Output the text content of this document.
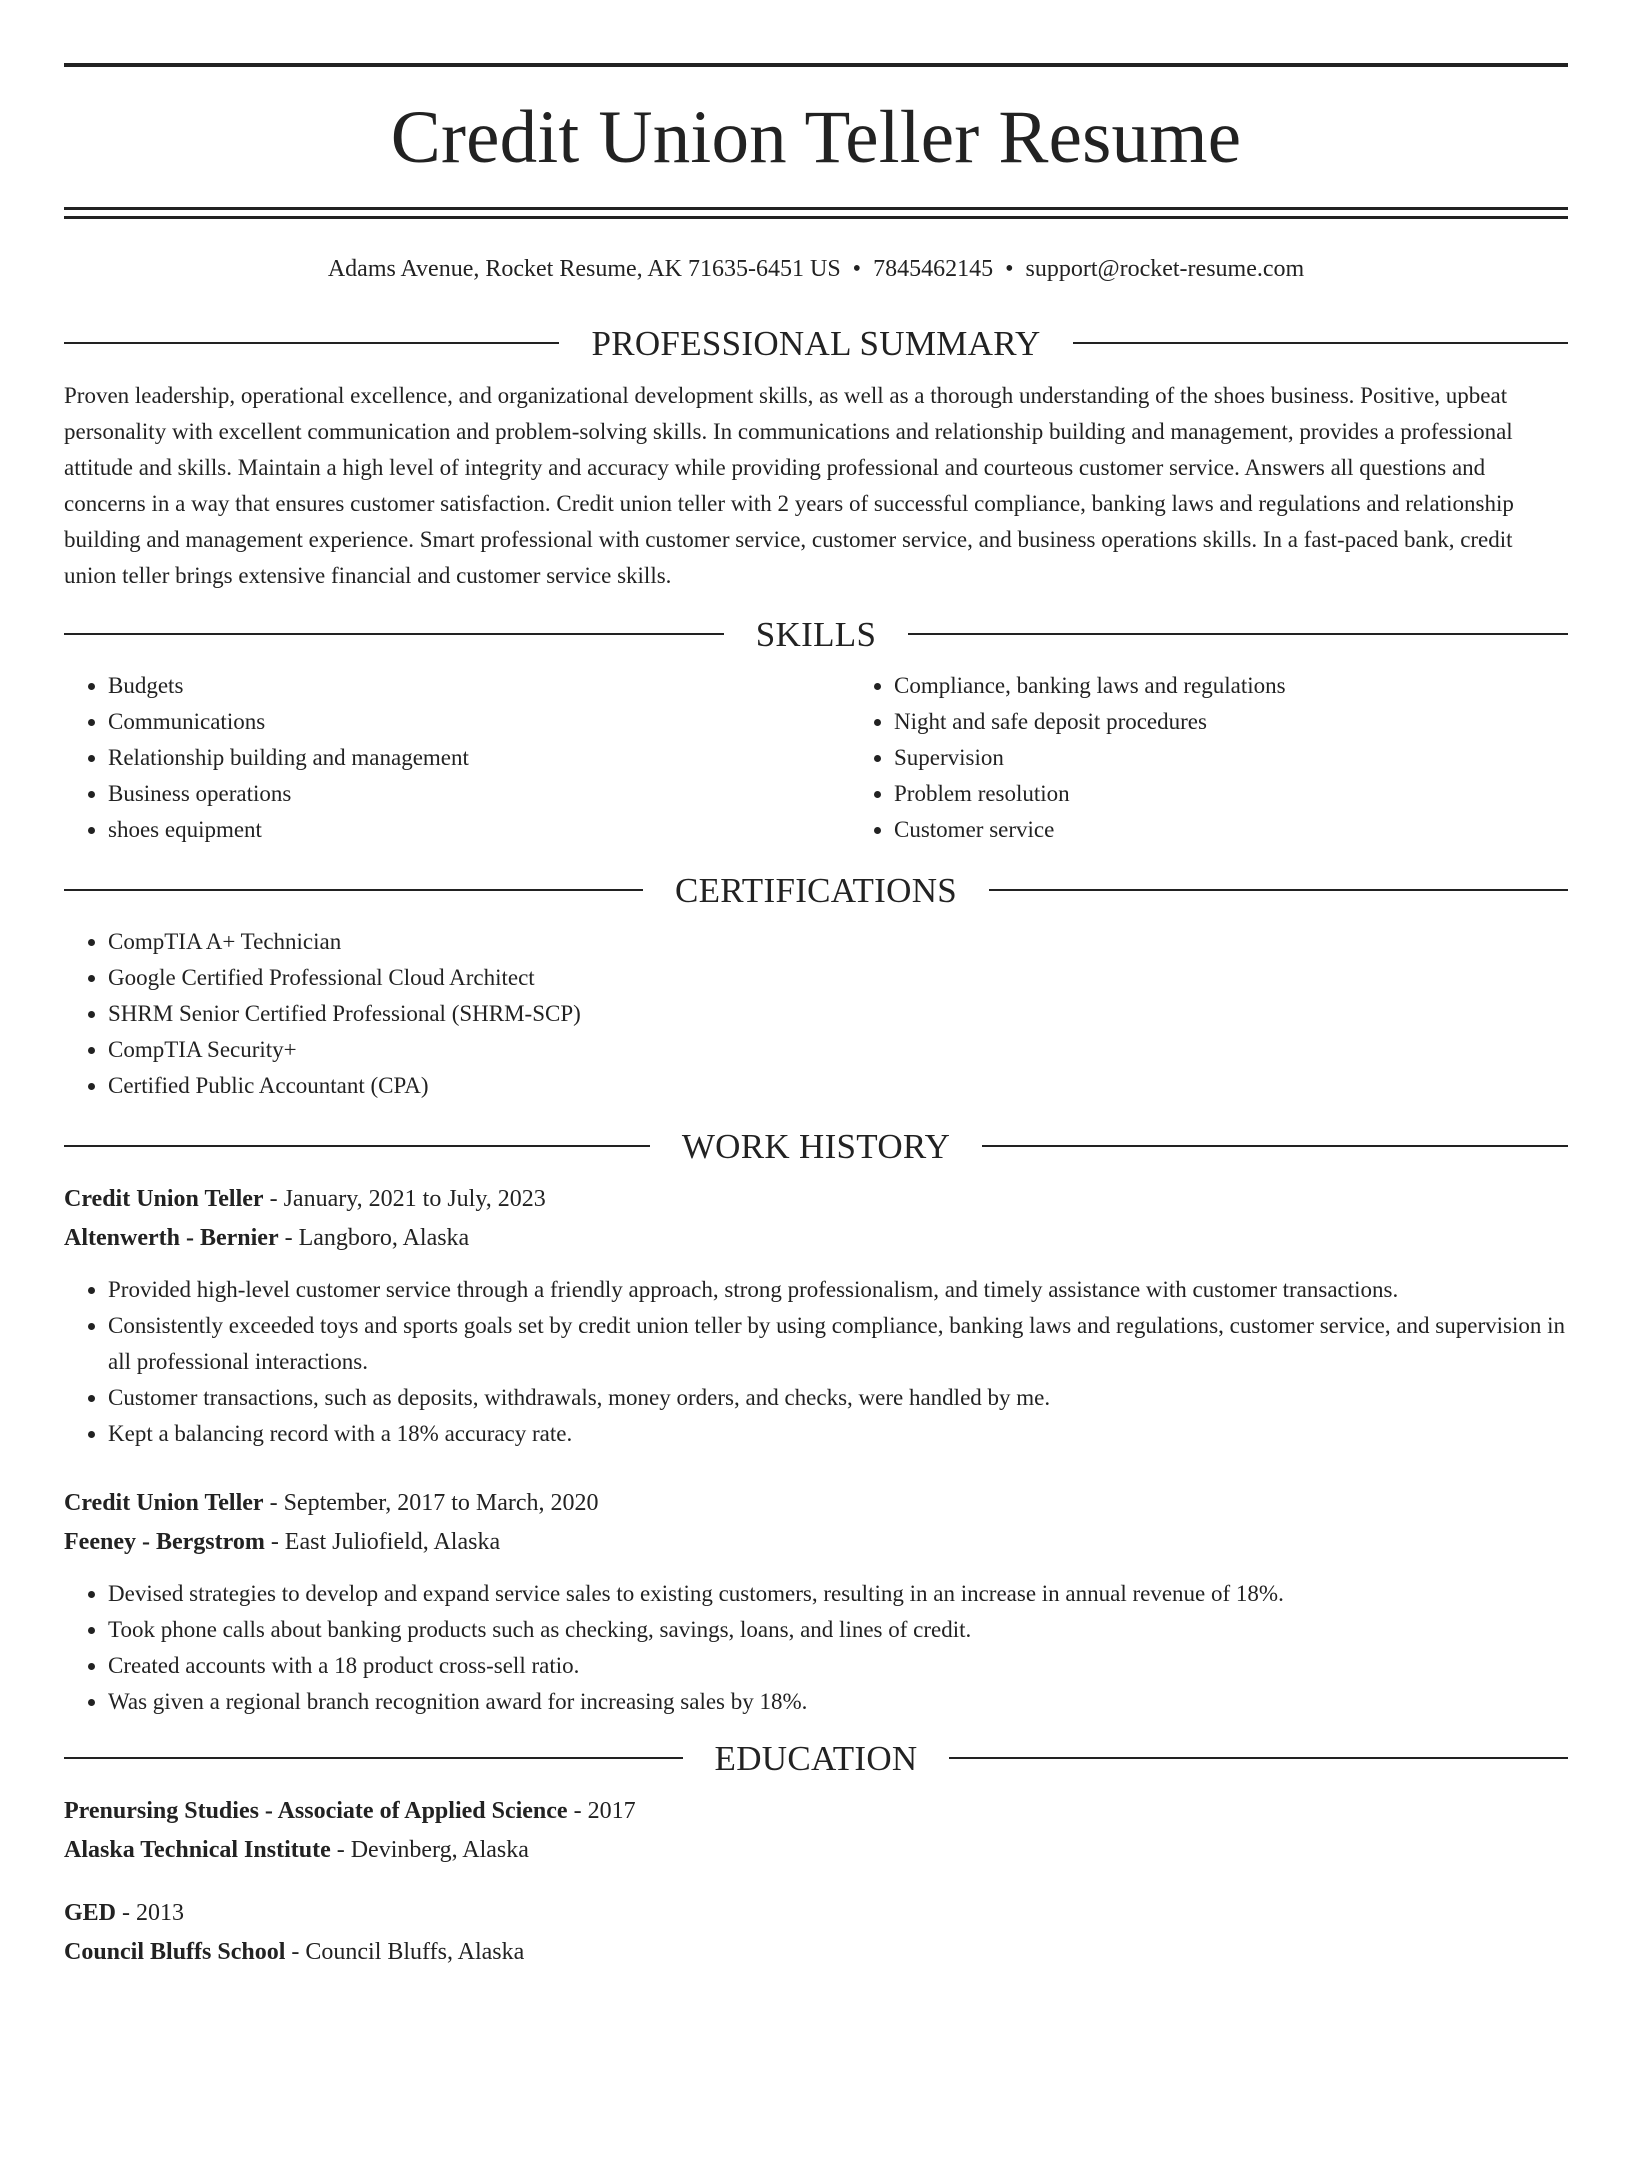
Credit Union Teller Resume
Adams Avenue, Rocket Resume, AK 71635-6451 US • 7845462145 • support@rocket-resume.com
PROFESSIONAL SUMMARY

Proven leadership, operational excellence, and organizational development skills, as well as a thorough understanding of the shoes business. Positive, upbeat personality with excellent communication and problem-solving skills. In communications and relationship building and management, provides a professional attitude and skills. Maintain a high level of integrity and accuracy while providing professional and courteous customer service. Answers all questions and concerns in a way that ensures customer satisfaction. Credit union teller with 2 years of successful compliance, banking laws and regulations and relationship building and management experience. Smart professional with customer service, customer service, and business operations skills. In a fast-paced bank, credit union teller brings extensive financial and customer service skills.

SKILLS
• Budgets
• Communications
• Relationship building and management
• Business operations
• shoes equipment
• Compliance, banking laws and regulations
• Night and safe deposit procedures
• Supervision
• Problem resolution
• Customer service
CERTIFICATIONS
• CompTIA A+ Technician
• Google Certified Professional Cloud Architect
• SHRM Senior Certified Professional (SHRM-SCP)
• CompTIA Security+
• Certified Public Accountant (CPA)
WORK HISTORY
Credit Union Teller - January, 2021 to July, 2023
Altenwerth - Bernier - Langboro, Alaska
• Provided high-level customer service through a friendly approach, strong professionalism, and timely assistance with customer transactions.
• Consistently exceeded toys and sports goals set by credit union teller by using compliance, banking laws and regulations, customer service, and supervision in all professional interactions.
• Customer transactions, such as deposits, withdrawals, money orders, and checks, were handled by me.
• Kept a balancing record with a 18% accuracy rate.
Credit Union Teller - September, 2017 to March, 2020
Feeney - Bergstrom - East Juliofield, Alaska
• Devised strategies to develop and expand service sales to existing customers, resulting in an increase in annual revenue of 18%.
• Took phone calls about banking products such as checking, savings, loans, and lines of credit.
• Created accounts with a 18 product cross-sell ratio.
• Was given a regional branch recognition award for increasing sales by 18%.
EDUCATION
Prenursing Studies - Associate of Applied Science - 2017
Alaska Technical Institute - Devinberg, Alaska
GED - 2013
Council Bluffs School - Council Bluffs, Alaska
